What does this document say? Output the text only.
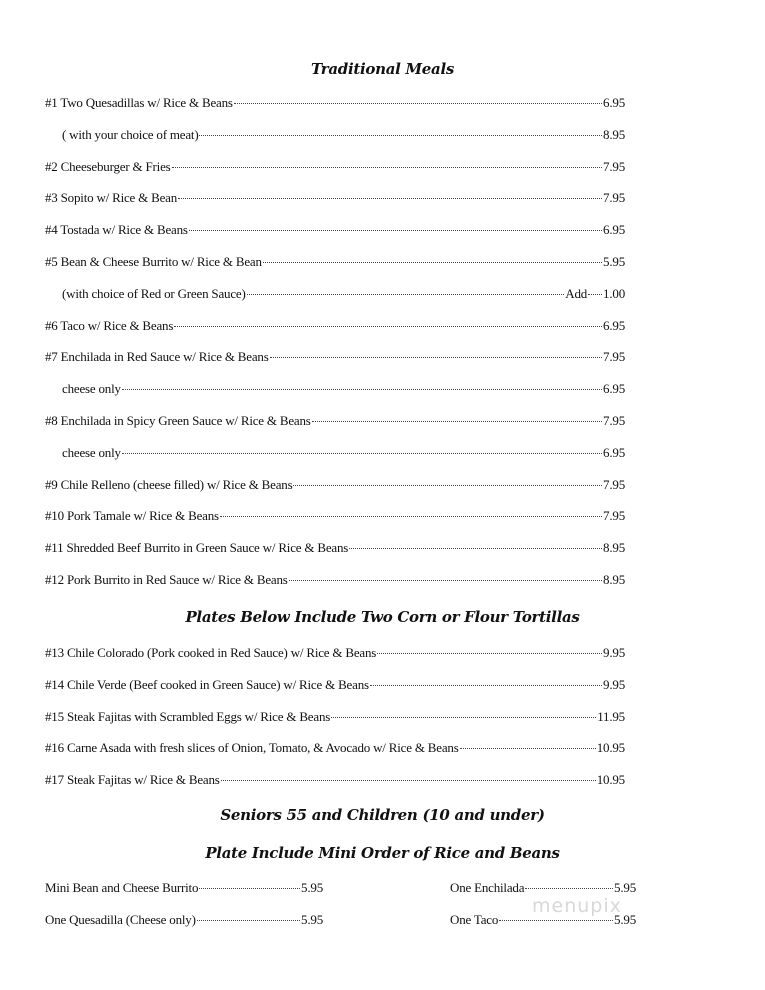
Traditional Meals
#1 Two Quesadillas w/ Rice & Beans	6.95
( with your choice of meat)	8.95
#2 Cheeseburger & Fries	7.95
#3 Sopito w/ Rice & Bean	7.95
#4 Tostada w/ Rice & Beans	6.95
#5 Bean & Cheese Burrito w/ Rice & Bean	5.95
(with choice of Red or Green Sauce)	Add 1.00
#6 Taco w/ Rice & Beans	6.95
#7 Enchilada in Red Sauce w/ Rice & Beans	7.95
cheese only	6.95
#8 Enchilada in Spicy Green Sauce w/ Rice & Beans	7.95
cheese only	6.95
#9 Chile Relleno (cheese filled) w/ Rice & Beans	7.95
#10 Pork Tamale w/ Rice & Beans	7.95
#11 Shredded Beef Burrito in Green Sauce w/ Rice & Beans	8.95
#12 Pork Burrito in Red Sauce w/ Rice & Beans	8.95
Plates Below Include Two Corn or Flour Tortillas
#13 Chile Colorado (Pork cooked in Red Sauce) w/ Rice & Beans	9.95
#14 Chile Verde (Beef cooked in Green Sauce) w/ Rice & Beans	9.95
#15 Steak Fajitas with Scrambled Eggs w/ Rice & Beans	11.95
#16 Carne Asada with fresh slices of Onion, Tomato, & Avocado w/ Rice & Beans	10.95
#17 Steak Fajitas w/ Rice & Beans	10.95
Mini Bean and Cheese Burrito	5.95	One Enchilada	5.95
One Quesadilla (Cheese only)	5.95	One Taco	5.95
Seniors 55 and Children (10 and under)
Plate Include Mini Order of Rice and Beans
menupix
